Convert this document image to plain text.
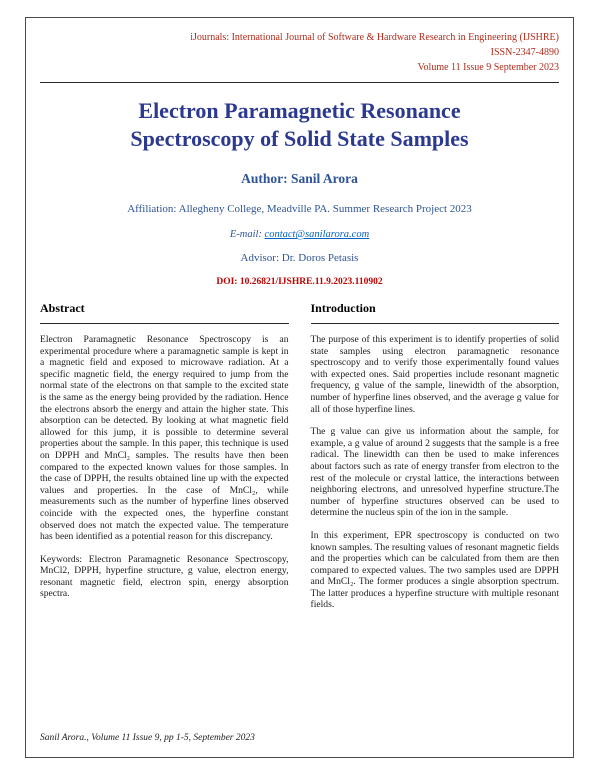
iJournals: International Journal of Software & Hardware Research in Engineering (IJSHRE)
ISSN-2347-4890
Volume 11 Issue 9 September 2023
Electron Paramagnetic Resonance Spectroscopy of Solid State Samples
Author: Sanil Arora
Affiliation: Allegheny College, Meadville PA. Summer Research Project 2023
E-mail: contact@sanilarora.com
Advisor: Dr. Doros Petasis
DOI: 10.26821/IJSHRE.11.9.2023.110902
Abstract

Electron Paramagnetic Resonance Spectroscopy is an experimental procedure where a paramagnetic sample is kept in a magnetic field and exposed to microwave radiation. At a specific magnetic field, the energy required to jump from the normal state of the electrons on that sample to the excited state is the same as the energy being provided by the radiation. Hence the electrons absorb the energy and attain the higher state. This absorption can be detected. By looking at what magnetic field allowed for this jump, it is possible to determine several properties about the sample. In this paper, this technique is used on DPPH and MnCl₂ samples. The results have then been compared to the expected known values for those samples. In the case of DPPH, the results obtained line up with the expected values and properties. In the case of MnCl₂, while measurements such as the number of hyperfine lines observed coincide with the expected ones, the hyperfine constant observed does not match the expected value. The temperature has been identified as a potential reason for this discrepancy.

Keywords: Electron Paramagnetic Resonance Spectroscopy, MnCl2, DPPH, hyperfine structure, g value, electron energy, resonant magnetic field, electron spin, energy absorption spectra.

Introduction

The purpose of this experiment is to identify properties of solid state samples using electron paramagnetic resonance spectroscopy and to verify those experimentally found values with expected ones. Said properties include resonant magnetic frequency, g value of the sample, linewidth of the absorption, number of hyperfine lines observed, and the average g value for all of those hyperfine lines.

The g value can give us information about the sample, for example, a g value of around 2 suggests that the sample is a free radical. The linewidth can then be used to make inferences about factors such as rate of energy transfer from electron to the rest of the molecule or crystal lattice, the interactions between neighboring electrons, and unresolved hyperfine structure.The number of hyperfine structures observed can be used to determine the nucleus spin of the ion in the sample.

In this experiment, EPR spectroscopy is conducted on two known samples. The resulting values of resonant magnetic fields and the properties which can be calculated from them are then compared to expected values. The two samples used are DPPH and MnCl₂. The former produces a single absorption spectrum. The latter produces a hyperfine structure with multiple resonant fields.

Sanil Arora., Volume 11 Issue 9, pp 1-5, September 2023
